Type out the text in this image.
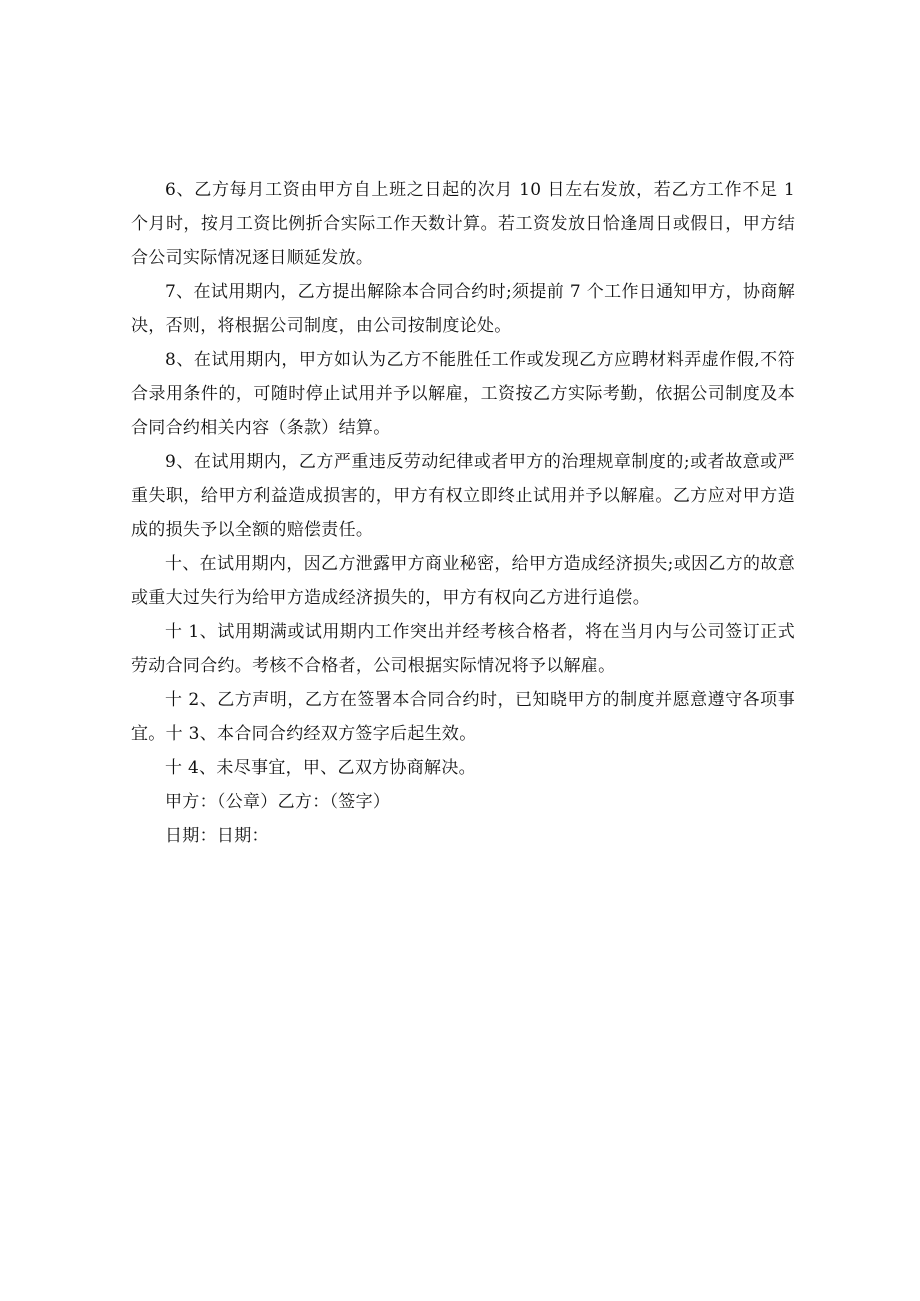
6、乙方每月工资由甲方自上班之日起的次月 10 日左右发放，若乙方工作不足 1 个月时，按月工资比例折合实际工作天数计算。若工资发放日恰逢周日或假日，甲方结合公司实际情况逐日顺延发放。

7、在试用期内，乙方提出解除本合同合约时;须提前 7 个工作日通知甲方，协商解决，否则，将根据公司制度，由公司按制度论处。

8、在试用期内，甲方如认为乙方不能胜任工作或发现乙方应聘材料弄虚作假,不符合录用条件的，可随时停止试用并予以解雇，工资按乙方实际考勤，依据公司制度及本合同合约相关内容（条款）结算。

9、在试用期内，乙方严重违反劳动纪律或者甲方的治理规章制度的;或者故意或严重失职，给甲方利益造成损害的，甲方有权立即终止试用并予以解雇。乙方应对甲方造成的损失予以全额的赔偿责任。

十、在试用期内，因乙方泄露甲方商业秘密，给甲方造成经济损失;或因乙方的故意或重大过失行为给甲方造成经济损失的，甲方有权向乙方进行追偿。

十 1、试用期满或试用期内工作突出并经考核合格者，将在当月内与公司签订正式劳动合同合约。考核不合格者，公司根据实际情况将予以解雇。

十 2、乙方声明，乙方在签署本合同合约时，已知晓甲方的制度并愿意遵守各项事宜。十 3、本合同合约经双方签字后起生效。

十 4、未尽事宜，甲、乙双方协商解决。

甲方：（公章）乙方：（签字）

日期：日期：
